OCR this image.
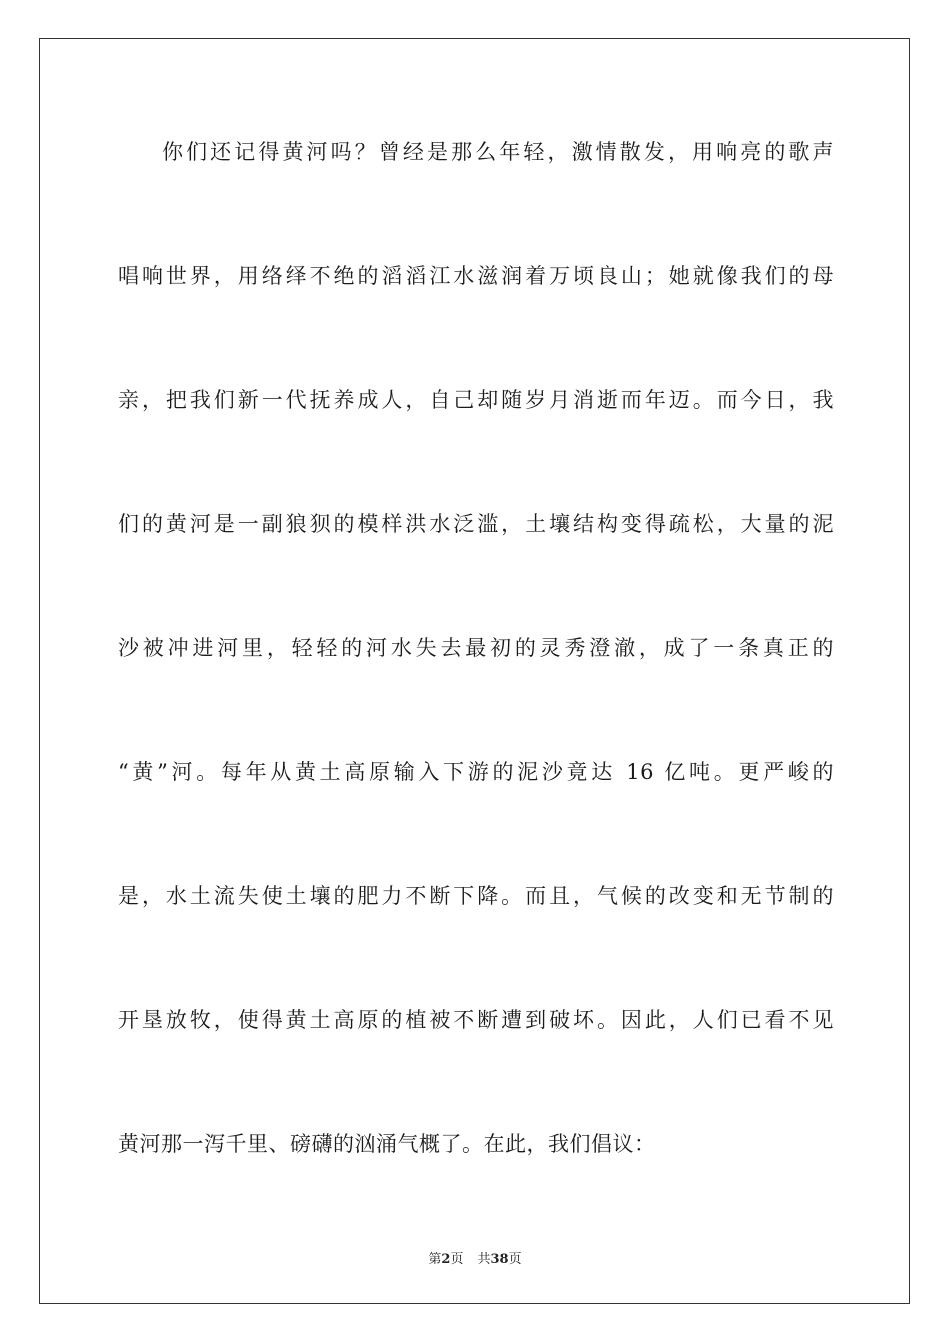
你们还记得黄河吗？曾经是那么年轻，激情散发，用响亮的歌声
唱响世界，用络绎不绝的滔滔江水滋润着万顷良山；她就像我们的母
亲，把我们新一代抚养成人，自己却随岁月消逝而年迈。而今日，我
们的黄河是一副狼狈的模样洪水泛滥，土壤结构变得疏松，大量的泥
沙被冲进河里，轻轻的河水失去最初的灵秀澄澈，成了一条真正的
“黄”河。每年从黄土高原输入下游的泥沙竟达 16 亿吨。更严峻的
是，水土流失使土壤的肥力不断下降。而且，气候的改变和无节制的
开垦放牧，使得黄土高原的植被不断遭到破坏。因此，人们已看不见
黄河那一泻千里、磅礴的汹涌气概了。在此，我们倡议：
第2页 共38页
